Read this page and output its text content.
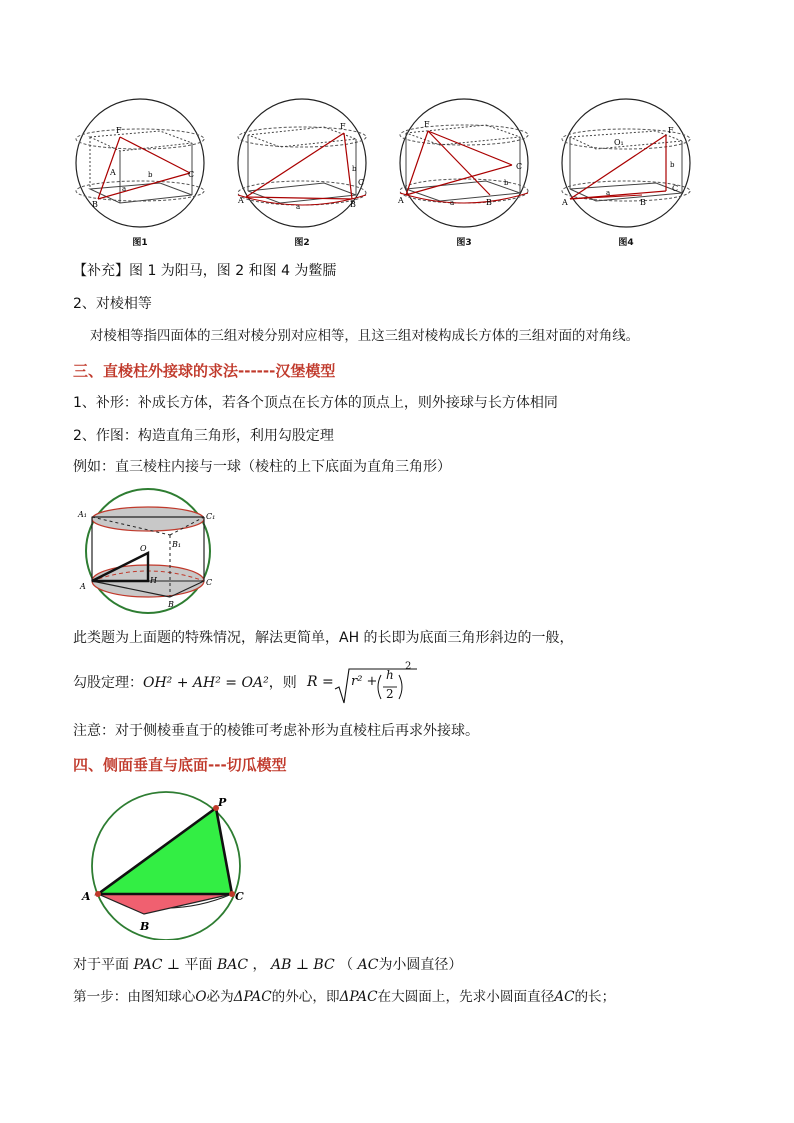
F
A
B
a
b	C
图1
F
A	B
a
b
C
图2
F
A	B
a
b
C
图3
O₁
F
A	B
a
b
C
图4
【补充】图 1 为阳马，图 2 和图 4 为鳖臑
2、对棱相等
对棱相等指四面体的三组对棱分别对应相等，且这三组对棱构成长方体的三组对面的对角线。
三、直棱柱外接球的求法------汉堡模型
1、补形：补成长方体，若各个顶点在长方体的顶点上，则外接球与长方体相同
2、作图：构造直角三角形，利用勾股定理
例如：直三棱柱内接与一球（棱柱的上下底面为直角三角形）
A₁	C₁
B₁
O
A
H	C
B
此类题为上面题的特殊情况，解法更简单，AH 的长即为底面三角形斜边的一般，
勾股定理：OH² + AH² = OA²，则 R = r² + h
2
2
注意：对于侧棱垂直于的棱锥可考虑补形为直棱柱后再求外接球。
四、侧面垂直与底面---切瓜模型
P
A	C
B
对于平面 PAC ⊥ 平面 BAC ， AB ⊥ BC （ AC为小圆直径）
第一步：由图知球心O必为ΔPAC的外心，即ΔPAC在大圆面上，先求小圆面直径AC的长；
